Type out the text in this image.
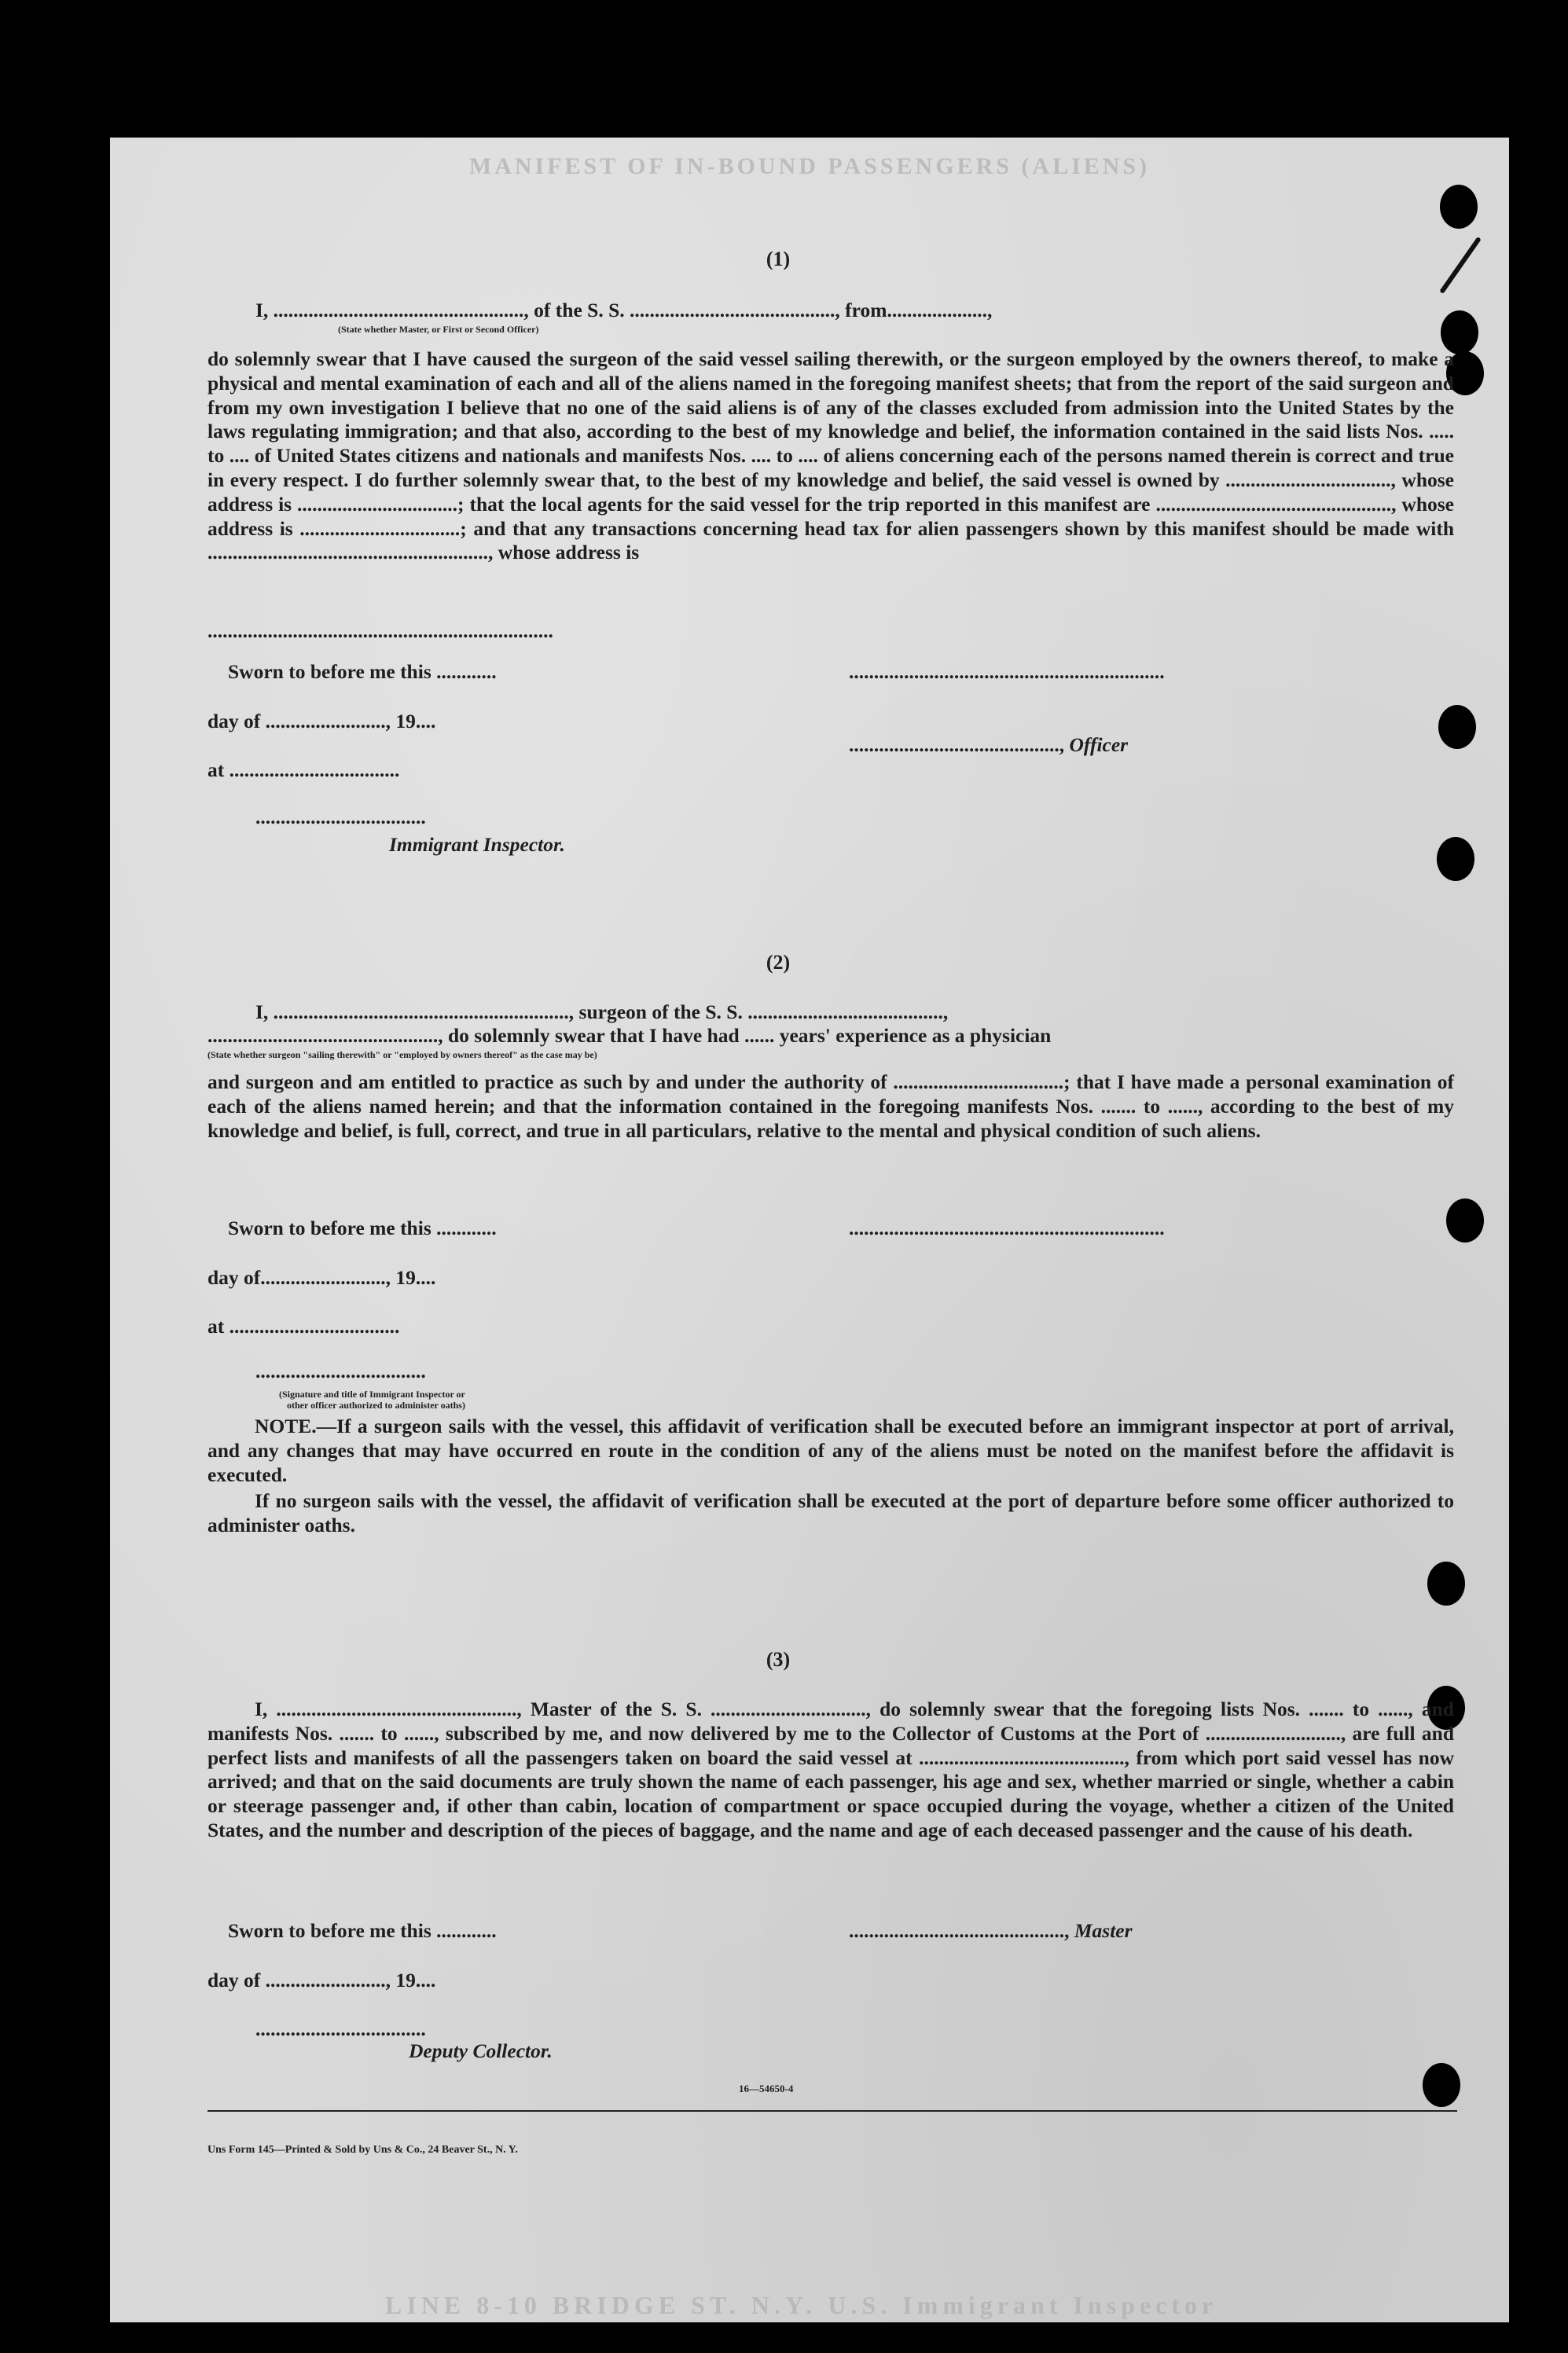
MANIFEST OF IN-BOUND PASSENGERS (ALIENS)
(1)
I, .................................................., of the S. S. ........................................., from....................,
(State whether Master, or First or Second Officer)
do solemnly swear that I have caused the surgeon of the said vessel sailing therewith, or the surgeon employed by the owners thereof, to make a physical and mental examination of each and all of the aliens named in the foregoing manifest sheets; that from the report of the said surgeon and from my own investigation I believe that no one of the said aliens is of any of the classes excluded from admission into the United States by the laws regulating immigration; and that also, according to the best of my knowledge and belief, the information contained in the said lists Nos. ..... to .... of United States citizens and nationals and manifests Nos. .... to .... of aliens concerning each of the persons named therein is correct and true in every respect. I do further solemnly swear that, to the best of my knowledge and belief, the said vessel is owned by ................................., whose address is ................................; that the local agents for the said vessel for the trip reported in this manifest are ..............................................., whose address is ................................; and that any transactions concerning head tax for alien passengers shown by this manifest should be made with ........................................................, whose address is
.....................................................................
Sworn to before me this ............	...............................................................
day of ........................, 19....
.........................................., Officer
at ..................................
..................................
Immigrant Inspector.
(2)
I, ..........................................................., surgeon of the S. S. .......................................,
.............................................., do solemnly swear that I have had ...... years' experience as a physician
(State whether surgeon "sailing therewith" or "employed by owners thereof" as the case may be)
and surgeon and am entitled to practice as such by and under the authority of ..................................; that I have made a personal examination of each of the aliens named herein; and that the information contained in the foregoing manifests Nos. ....... to ......, according to the best of my knowledge and belief, is full, correct, and true in all particulars, relative to the mental and physical condition of such aliens.
Sworn to before me this ............	...............................................................
day of........................., 19....
at ..................................
..................................
(Signature and title of Immigrant Inspector or
other officer authorized to administer oaths)
NOTE.—If a surgeon sails with the vessel, this affidavit of verification shall be executed before an immigrant inspector at port of arrival, and any changes that may have occurred en route in the condition of any of the aliens must be noted on the manifest before the affidavit is executed.
If no surgeon sails with the vessel, the affidavit of verification shall be executed at the port of departure before some officer authorized to administer oaths.
(3)
I, ................................................, Master of the S. S. ..............................., do solemnly swear that the foregoing lists Nos. ....... to ......, and manifests Nos. ....... to ......, subscribed by me, and now delivered by me to the Collector of Customs at the Port of ..........................., are full and perfect lists and manifests of all the passengers taken on board the said vessel at ........................................., from which port said vessel has now arrived; and that on the said documents are truly shown the name of each passenger, his age and sex, whether married or single, whether a cabin or steerage passenger and, if other than cabin, location of compartment or space occupied during the voyage, whether a citizen of the United States, and the number and description of the pieces of baggage, and the name and age of each deceased passenger and the cause of his death.
Sworn to before me this ............	..........................................., Master
day of ........................, 19....
..................................
Deputy Collector.
16—54650-4
Uns Form 145—Printed & Sold by Uns & Co., 24 Beaver St., N. Y.
LINE 8-10 BRIDGE ST. N.Y. U.S. Immigrant Inspector
